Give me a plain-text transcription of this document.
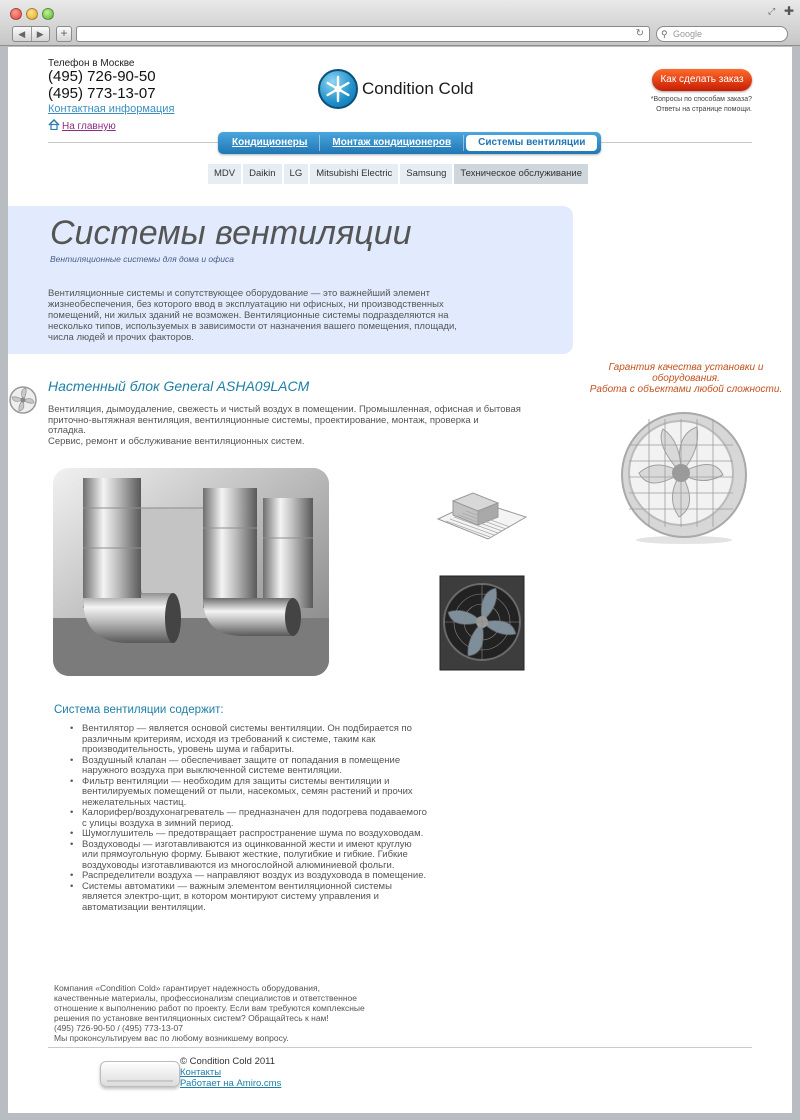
⤢ ✚
◀	▶	+	↻ ⚲ Google
Телефон в Москве
(495) 726-90-50
(495) 773-13-07
Контактная информация
На главную
Condition Cold	Как сделать заказ
*Вопросы по способам заказа?
Ответы на странице помощи.
Кондиционеры	Монтаж кондиционеров	Системы вентиляции
MDV	Daikin	LG	Mitsubishi Electric	Samsung	Техническое обслуживание
Системы вентиляции
Вентиляционные системы для дома и офиса
Вентиляционные системы и сопутствующее оборудование — это важнейший элемент жизнеобеспечения, без которого ввод в эксплуатацию ни офисных, ни производственных помещений, ни жилых зданий не возможен. Вентиляционные системы подразделяются на несколько типов, используемых в зависимости от назначения вашего помещения, площади, числа людей и прочих факторов.
Гарантия качества установки и
оборудования.
Работа с объектами любой сложности.
Настенный блок General ASHA09LACM
Вентиляция, дымоудаление, свежесть и чистый воздух в помещении. Промышленная, офисная и бытовая
приточно-вытяжная вентиляция, вентиляционные системы, проектирование, монтаж, проверка и
отладка.
Сервис, ремонт и обслуживание вентиляционных систем.
Система вентиляции содержит:
• Вентилятор — является основой системы вентиляции. Он подбирается по различным критериям, исходя из требований к системе, таким как производительность, уровень шума и габариты.
• Воздушный клапан — обеспечивает защите от попадания в помещение наружного воздуха при выключенной системе вентиляции.
• Фильтр вентиляции — необходим для защиты системы вентиляции и вентилируемых помещений от пыли, насекомых, семян растений и прочих нежелательных частиц.
• Калорифер/воздухонагреватель — предназначен для подогрева подаваемого с улицы воздуха в зимний период.
• Шумоглушитель — предотвращает распространение шума по воздуховодам.
• Воздуховоды — изготавливаются из оцинкованной жести и имеют круглую или прямоугольную форму. Бывают жесткие, полугибкие и гибкие. Гибкие воздуховоды изготавливаются из многослойной алюминиевой фольги.
• Распределители воздуха — направляют воздух из воздуховода в помещение.
• Системы автоматики — важным элементом вентиляционной системы является электро-щит, в котором монтируют систему управления и автоматизации вентиляции.
Компания «Condition Cold» гарантирует надежность оборудования,
качественные материалы, профессионализм специалистов и ответственное
отношение к выполнению работ по проекту. Если вам требуются комплексные
решения по установке вентиляционных систем? Обращайтесь к нам!
(495) 726-90-50 / (495) 773-13-07
Мы проконсультируем вас по любому возникшему вопросу.
© Condition Cold 2011
Контакты
Работает на Amiro.cms
